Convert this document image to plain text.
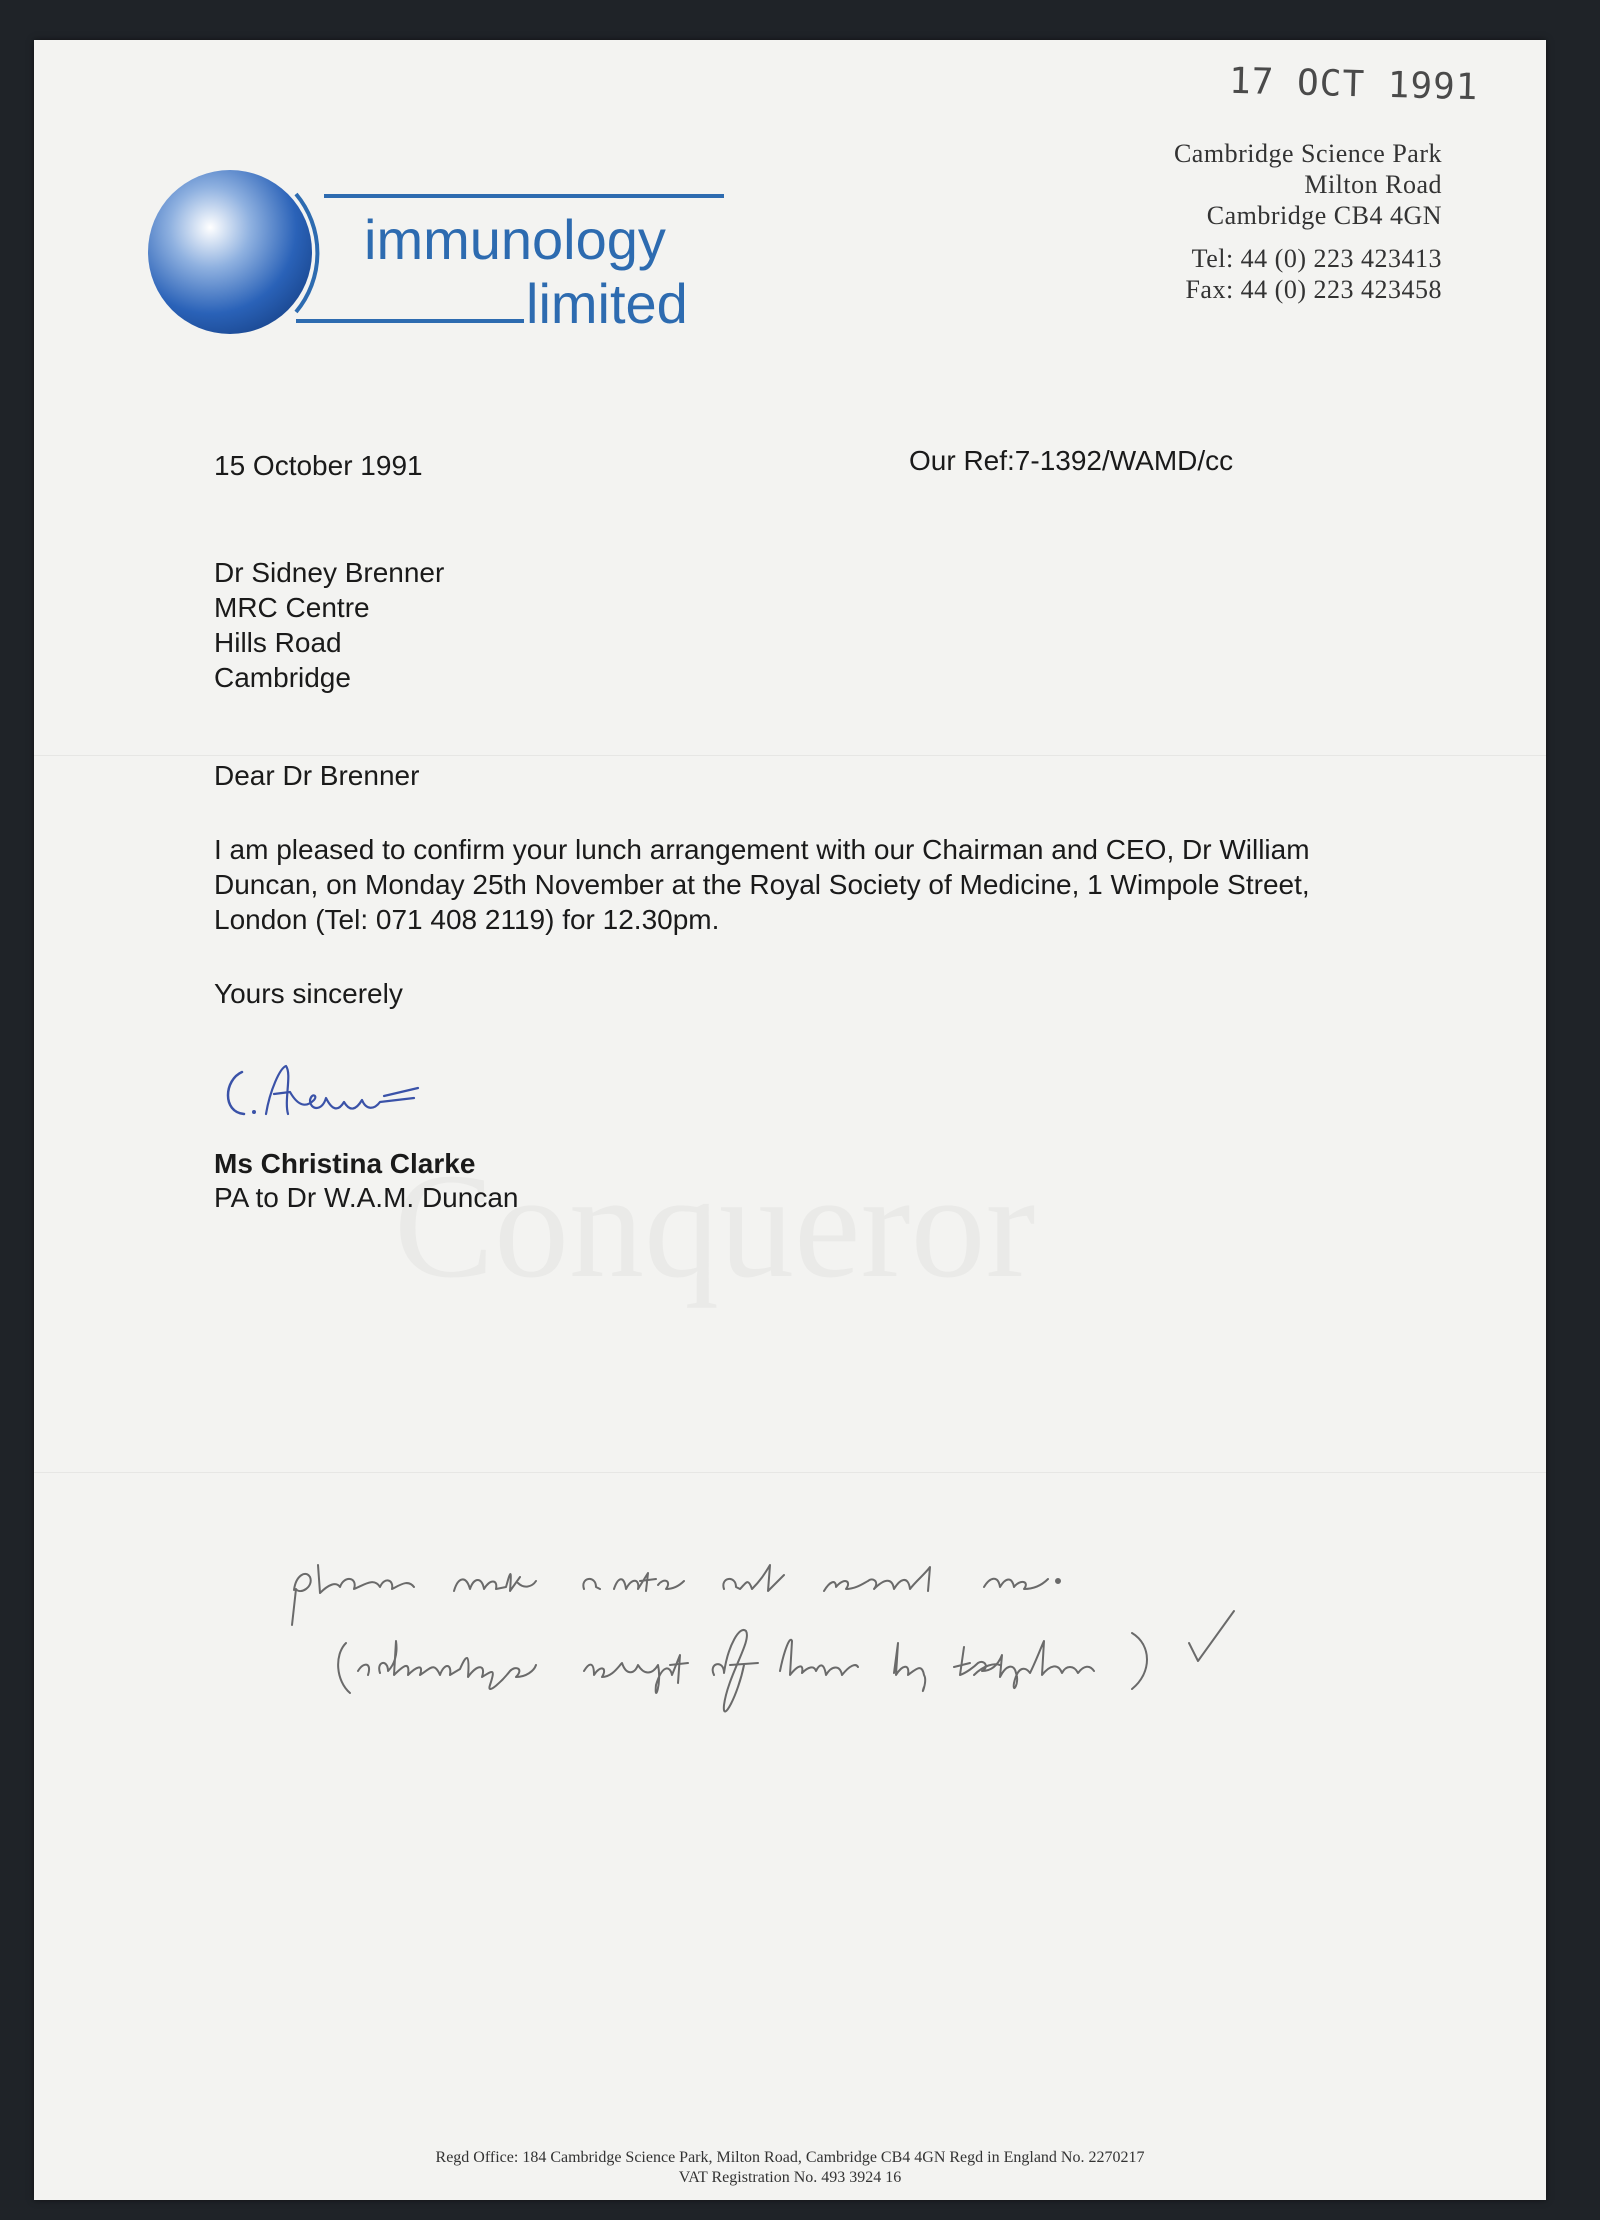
17 OCT 1991

immunology

limited

Cambridge Science Park

Milton Road

Cambridge CB4 4GN

Tel: 44 (0) 223 423413

Fax: 44 (0) 223 423458

15 October 1991	Our Ref:7-1392/WAMD/cc

Dr Sidney Brenner

MRC Centre

Hills Road

Cambridge

Dear Dr Brenner

I am pleased to confirm your lunch arrangement with our Chairman and CEO, Dr William Duncan, on Monday 25th November at the Royal Society of Medicine, 1 Wimpole Street, London (Tel: 071 408 2119) for 12.30pm.

Yours sincerely

Ms Christina Clarke

PA to Dr W.A.M. Duncan

Regd Office: 184 Cambridge Science Park, Milton Road, Cambridge CB4 4GN Regd in England No. 2270217

VAT Registration No. 493 3924 16
